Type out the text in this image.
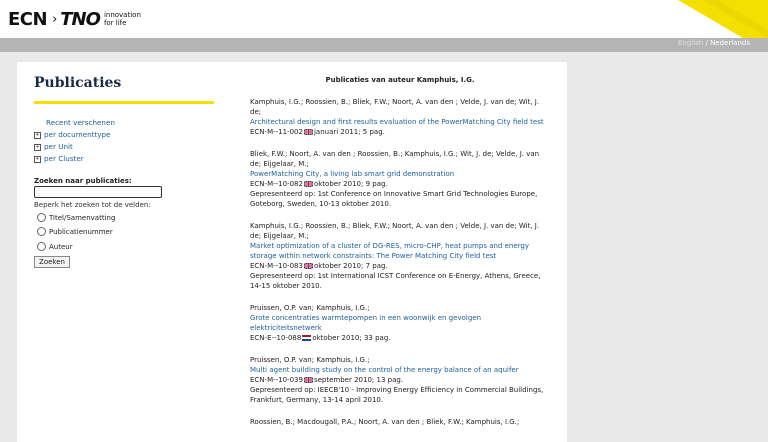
ECN › TNO innovation
for life
English / Nederlands
Publicaties
Recent verschenen
+ per documenttype
+ per Unit
+ per Cluster
Zoeken naar publicaties:
Beperk het zoeken tot de velden:
Titel/Samenvatting
Publicatienummer
Auteur
Zoeken
Publicaties van auteur Kamphuis, I.G.
Kamphuis, I.G.; Roossien, B.; Bliek, F.W.; Noort, A. van den ; Velde, J. van de; Wit, J. de;
Architectural design and first results evaluation of the PowerMatching City field test
ECN-M--11-002 januari 2011; 5 pag.
Bliek, F.W.; Noort, A. van den ; Roossien, B.; Kamphuis, I.G.; Wit, J. de; Velde, J. van de; Eijgelaar, M.;
PowerMatching City, a living lab smart grid demonstration
ECN-M--10-082 oktober 2010; 9 pag.
Gepresenteerd op: 1st Conference on Innovative Smart Grid Technologies Europe, Goteborg, Sweden, 10-13 oktober 2010.
Kamphuis, I.G.; Roossien, B.; Bliek, F.W.; Noort, A. van den ; Velde, J. van de; Wit, J. de; Eijgelaar, M.;
Market optimization of a cluster of DG-RES, micro-CHP, heat pumps and energy storage within network constraints: The Power Matching City field test
ECN-M--10-083 oktober 2010; 7 pag.
Gepresenteerd op: 1st International ICST Conference on E-Energy, Athens, Greece, 14-15 oktober 2010.
Pruissen, O.P. van; Kamphuis, I.G.;
Grote concentraties warmtepompen in een woonwijk en gevolgen elektriciteitsnetwerk
ECN-E--10-088 oktober 2010; 33 pag.
Pruissen, O.P. van; Kamphuis, I.G.;
Multi agent building study on the control of the energy balance of an aquifer
ECN-M--10-039 september 2010; 13 pag.
Gepresenteerd op: IEECB'10 - Improving Energy Efficiency in Commercial Buildings, Frankfurt, Germany, 13-14 april 2010.
Roossien, B.; Macdougall, P.A.; Noort, A. van den ; Bliek, F.W.; Kamphuis, I.G.;
